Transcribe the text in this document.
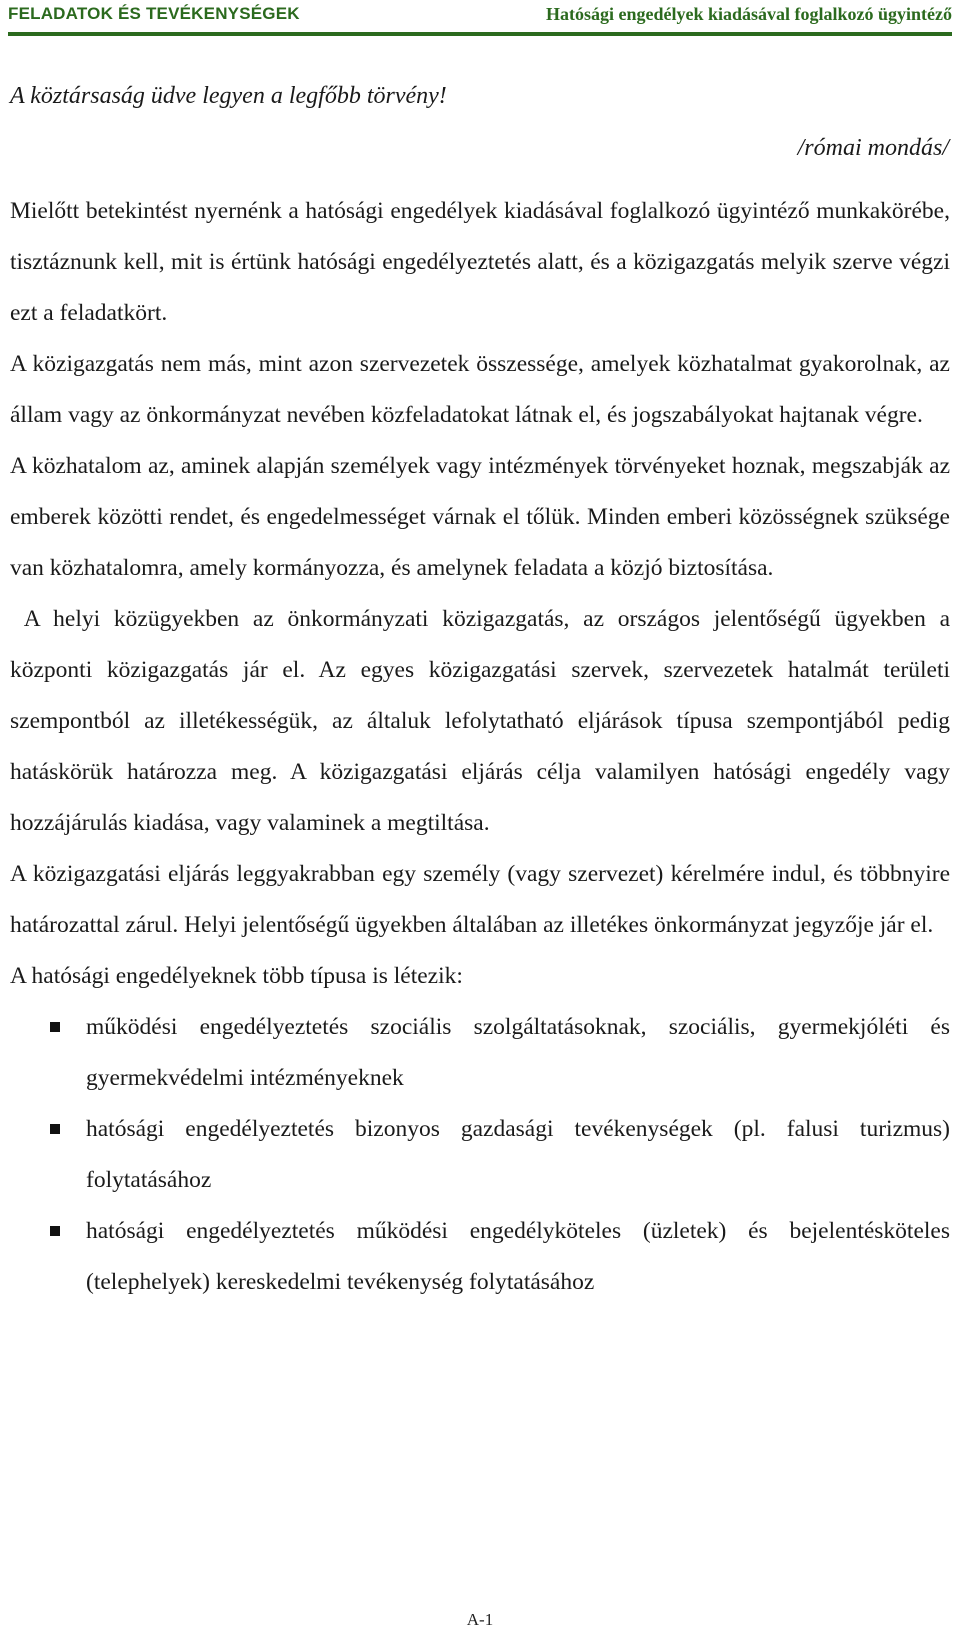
FELADATOK ÉS TEVÉKENYSÉGEK	Hatósági engedélyek kiadásával foglalkozó ügyintéző
A köztársaság üdve legyen a legfőbb törvény!
/római mondás/

Mielőtt betekintést nyernénk a hatósági engedélyek kiadásával foglalkozó ügyintéző munkakörébe, tisztáznunk kell, mit is értünk hatósági engedélyeztetés alatt, és a közigazgatás melyik szerve végzi ezt a feladatkört.

A közigazgatás nem más, mint azon szervezetek összessége, amelyek közhatalmat gyakorolnak, az állam vagy az önkormányzat nevében közfeladatokat látnak el, és jogszabályokat hajtanak végre.

A közhatalom az, aminek alapján személyek vagy intézmények törvényeket hoznak, megszabják az emberek közötti rendet, és engedelmességet várnak el tőlük. Minden emberi közösségnek szüksége van közhatalomra, amely kormányozza, és amelynek feladata a közjó biztosítása.

A helyi közügyekben az önkormányzati közigazgatás, az országos jelentőségű ügyekben a központi közigazgatás jár el. Az egyes közigazgatási szervek, szervezetek hatalmát területi szempontból az illetékességük, az általuk lefolytatható eljárások típusa szempontjából pedig hatáskörük határozza meg. A közigazgatási eljárás célja valamilyen hatósági engedély vagy hozzájárulás kiadása, vagy valaminek a megtiltása.

A közigazgatási eljárás leggyakrabban egy személy (vagy szervezet) kérelmére indul, és többnyire határozattal zárul. Helyi jelentőségű ügyekben általában az illetékes önkormányzat jegyzője jár el.

A hatósági engedélyeknek több típusa is létezik:

működési engedélyeztetés szociális szolgáltatásoknak, szociális, gyermekjóléti és gyermekvédelmi intézményeknek
hatósági engedélyeztetés bizonyos gazdasági tevékenységek (pl. falusi turizmus) folytatásához
hatósági engedélyeztetés működési engedélyköteles (üzletek) és bejelentésköteles (telephelyek) kereskedelmi tevékenység folytatásához
A-1
